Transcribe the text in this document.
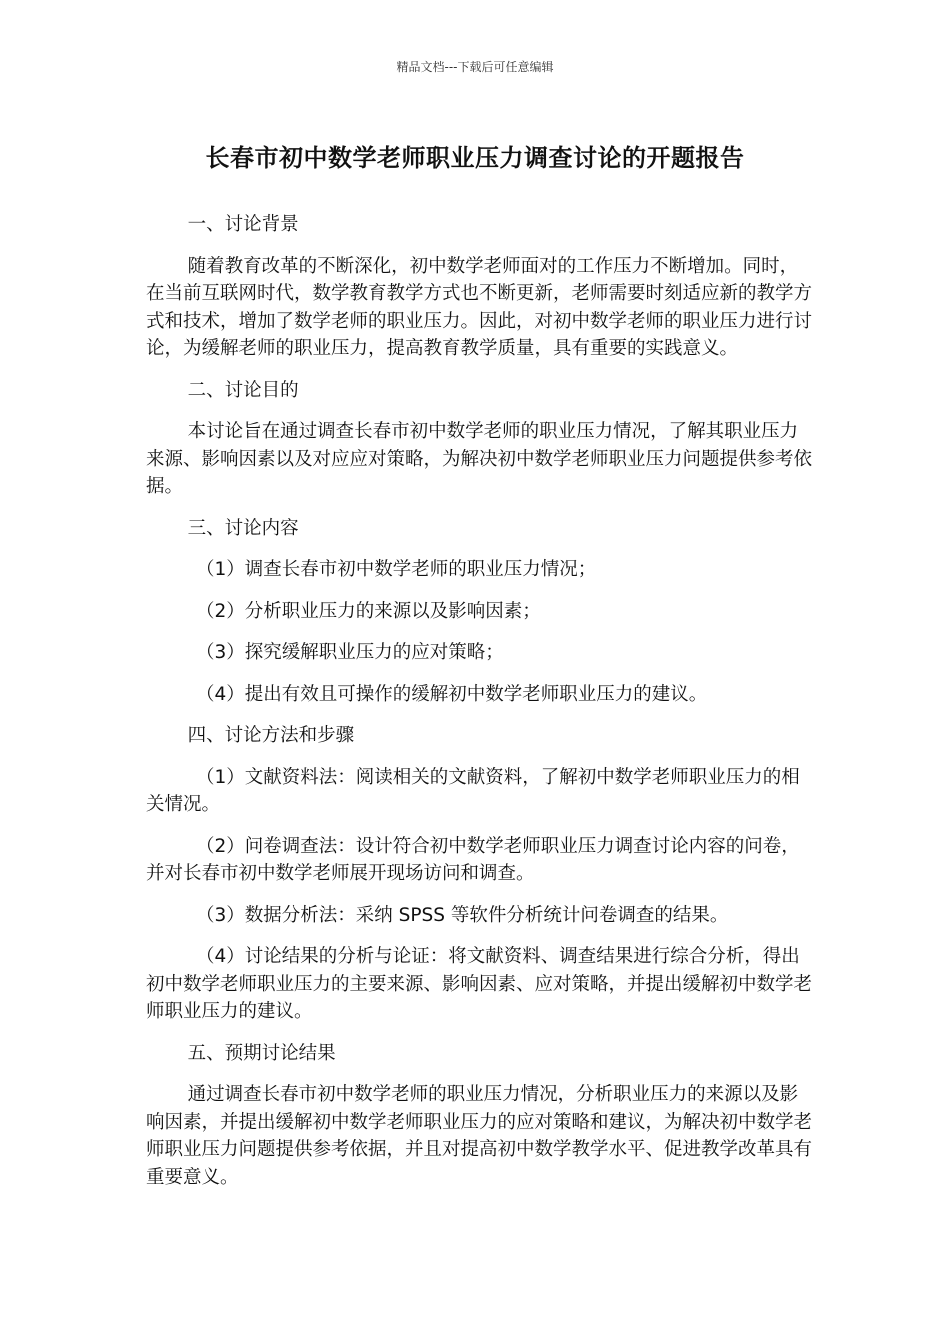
精品文档---下载后可任意编辑
长春市初中数学老师职业压力调查讨论的开题报告

一、讨论背景

随着教育改革的不断深化，初中数学老师面对的工作压力不断增加。同时，在当前互联网时代，数学教育教学方式也不断更新，老师需要时刻适应新的教学方式和技术，增加了数学老师的职业压力。因此，对初中数学老师的职业压力进行讨论，为缓解老师的职业压力，提高教育教学质量，具有重要的实践意义。

二、讨论目的

本讨论旨在通过调查长春市初中数学老师的职业压力情况，了解其职业压力来源、影响因素以及对应应对策略，为解决初中数学老师职业压力问题提供参考依据。

三、讨论内容

（1）调查长春市初中数学老师的职业压力情况；

（2）分析职业压力的来源以及影响因素；

（3）探究缓解职业压力的应对策略；

（4）提出有效且可操作的缓解初中数学老师职业压力的建议。

四、讨论方法和步骤

（1）文献资料法：阅读相关的文献资料，了解初中数学老师职业压力的相关情况。

（2）问卷调查法：设计符合初中数学老师职业压力调查讨论内容的问卷，并对长春市初中数学老师展开现场访问和调查。

（3）数据分析法：采纳 SPSS 等软件分析统计问卷调查的结果。

（4）讨论结果的分析与论证：将文献资料、调查结果进行综合分析，得出初中数学老师职业压力的主要来源、影响因素、应对策略，并提出缓解初中数学老师职业压力的建议。

五、预期讨论结果

通过调查长春市初中数学老师的职业压力情况，分析职业压力的来源以及影响因素，并提出缓解初中数学老师职业压力的应对策略和建议，为解决初中数学老师职业压力问题提供参考依据，并且对提高初中数学教学水平、促进教学改革具有重要意义。
